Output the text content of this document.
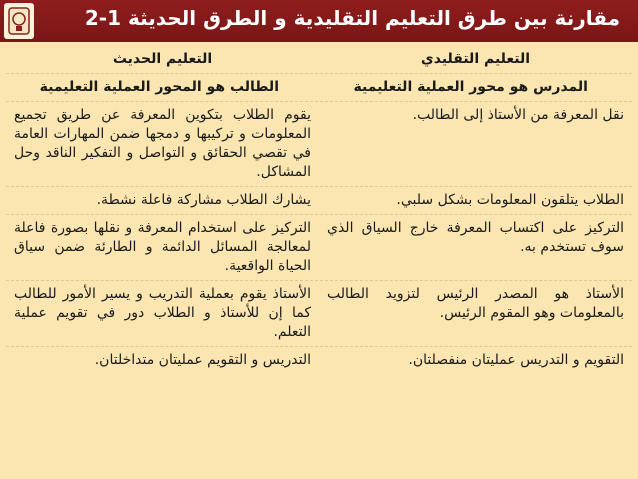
مقارنة بين طرق التعليم التقليدية و الطرق الحديثة 1-2
التعليم التقليدي
التعليم الحديث
المدرس هو محور العملية التعليمية
الطالب هو المحور العملية التعليمية
نقل المعرفة من الأستاذ إلى الطالب.
يقوم الطلاب بتكوين المعرفة عن طريق تجميع المعلومات و تركيبها و دمجها ضمن المهارات العامة في تقصي الحقائق و التواصل و التفكير الناقد وحل المشاكل.
الطلاب يتلقون المعلومات بشكل سلبي.
يشارك الطلاب مشاركة فاعلة نشطة.
التركيز على اكتساب المعرفة خارج السياق الذي سوف تستخدم به.
التركيز على استخدام المعرفة و نقلها بصورة فاعلة لمعالجة المسائل الدائمة و الطارئة ضمن سياق الحياة الواقعية.
الأستاذ هو المصدر الرئيس لتزويد الطالب بالمعلومات وهو المقوم الرئيس.
الأستاذ يقوم بعملية التدريب و يسير الأمور للطالب كما إن للأستاذ و الطلاب دور في تقويم عملية التعلم.
التقويم و التدريس عمليتان منفصلتان.
التدريس و التقويم عمليتان متداخلتان.
